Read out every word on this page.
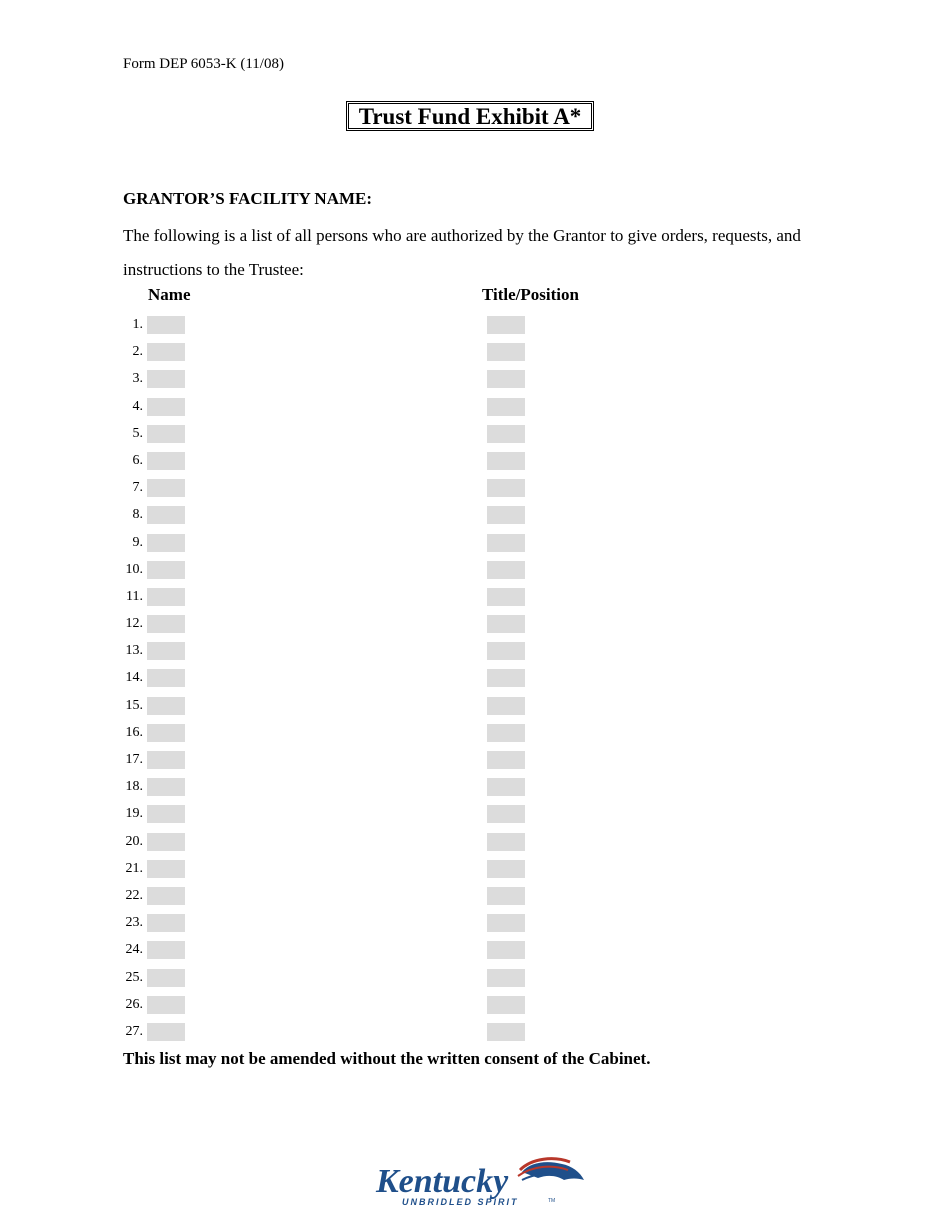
Form DEP 6053-K (11/08)
Trust Fund Exhibit A*
GRANTOR’S FACILITY NAME:
The following is a list of all persons who are authorized by the Grantor to give orders, requests, and instructions to the Trustee:
Name	Title/Position
1.
2.
3.
4.
5.
6.
7.
8.
9.
10.
11.
12.
13.
14.
15.
16.
17.
18.
19.
20.
21.
22.
23.
24.
25.
26.
27.
This list may not be amended without the written consent of the Cabinet.
Kentucky
UNBRIDLED SPIRIT	TM
